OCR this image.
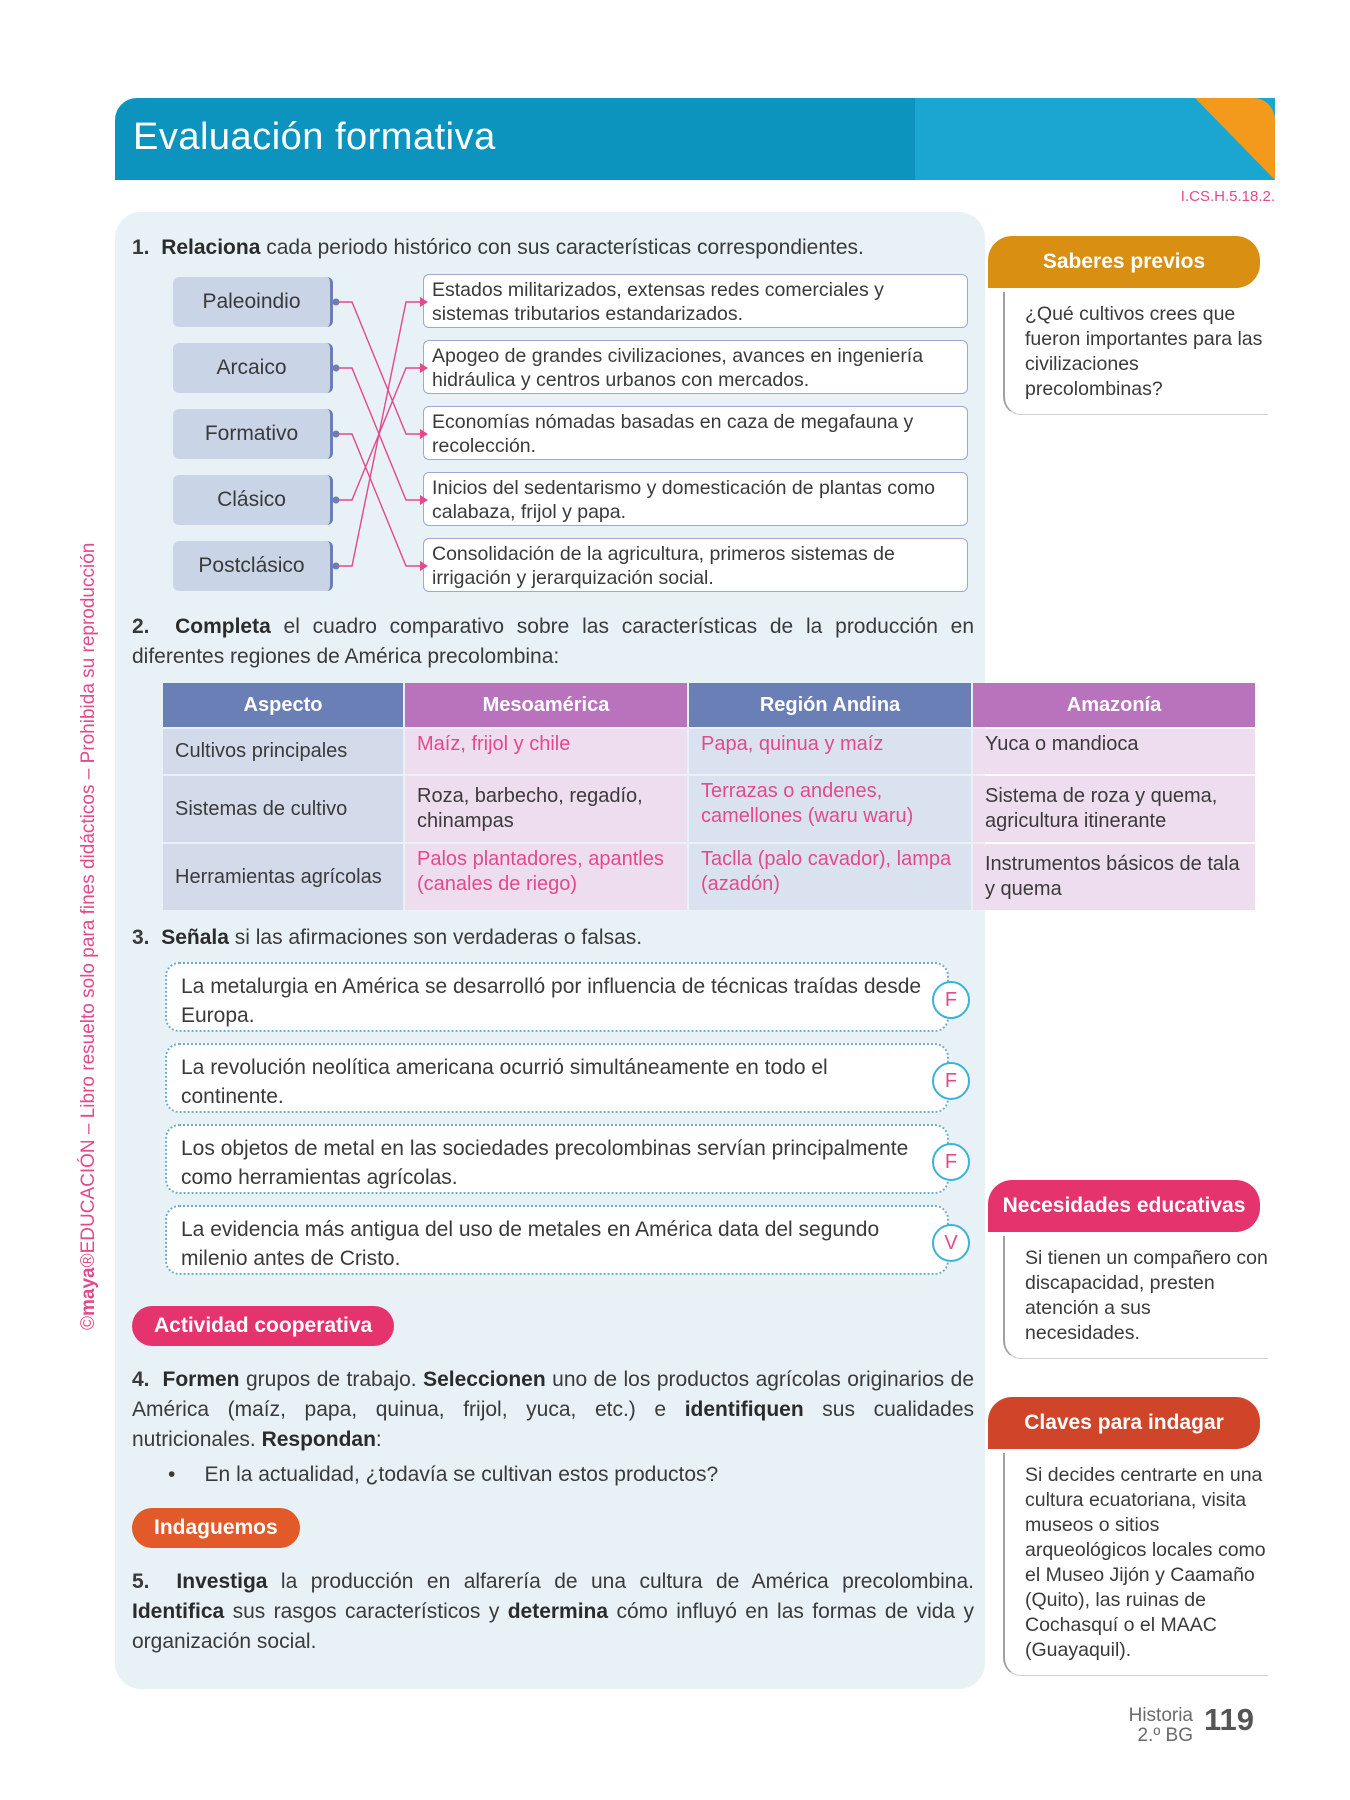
Evaluación formativa
DUA
Acción y expresión
I.CS.H.5.18.2.
©maya®EDUCACIÓN – Libro resuelto solo para fines didácticos – Prohibida su reproducción
1. Relaciona cada periodo histórico con sus características correspondientes.
Paleoindio
Arcaico
Formativo
Clásico
Postclásico
Estados militarizados, extensas redes comerciales y sistemas tributarios estandarizados.
Apogeo de grandes civilizaciones, avances en ingeniería hidráulica y centros urbanos con mercados.
Economías nómadas basadas en caza de megafauna y recolección.
Inicios del sedentarismo y domesticación de plantas como calabaza, frijol y papa.
Consolidación de la agricultura, primeros sistemas de irrigación y jerarquización social.
2. Completa el cuadro comparativo sobre las características de la producción en diferentes regiones de América precolombina:
Aspecto	Mesoamérica	Región Andina	Amazonía
Cultivos principales	Maíz, frijol y chile	Papa, quinua y maíz	Yuca o mandioca
Sistemas de cultivo	Roza, barbecho, regadío, chinampas	Terrazas o andenes, camellones (waru waru)	Sistema de roza y quema, agricultura itinerante
Herramientas agrícolas	Palos plantadores, apantles (canales de riego)	Taclla (palo cavador), lampa (azadón)	Instrumentos básicos de tala y quema
3. Señala si las afirmaciones son verdaderas o falsas.
La metalurgia en América se desarrolló por influencia de técnicas traídas desde Europa.
F
La revolución neolítica americana ocurrió simultáneamente en todo el continente.
F
Los objetos de metal en las sociedades precolombinas servían principalmente como herramientas agrícolas.
F
La evidencia más antigua del uso de metales en América data del segundo milenio antes de Cristo.
V
Actividad cooperativa
4. Formen grupos de trabajo. Seleccionen uno de los productos agrícolas originarios de América (maíz, papa, quinua, frijol, yuca, etc.) e identifiquen sus cualidades nutricionales. Respondan:
• En la actualidad, ¿todavía se cultivan estos productos?
Indaguemos
5. Investiga la producción en alfarería de una cultura de América precolombina. Identifica sus rasgos característicos y determina cómo influyó en las formas de vida y organización social.
Saberes previos
¿Qué cultivos crees que fueron importantes para las civilizaciones precolombinas?
Necesidades educativas
Si tienen un compañero con discapacidad, presten atención a sus necesidades.
Claves para indagar
Si decides centrarte en una cultura ecuatoriana, visita museos o sitios arqueológicos locales como el Museo Jijón y Caamaño (Quito), las ruinas de Cochasquí o el MAAC (Guayaquil).
Historia
2.º BG 119
